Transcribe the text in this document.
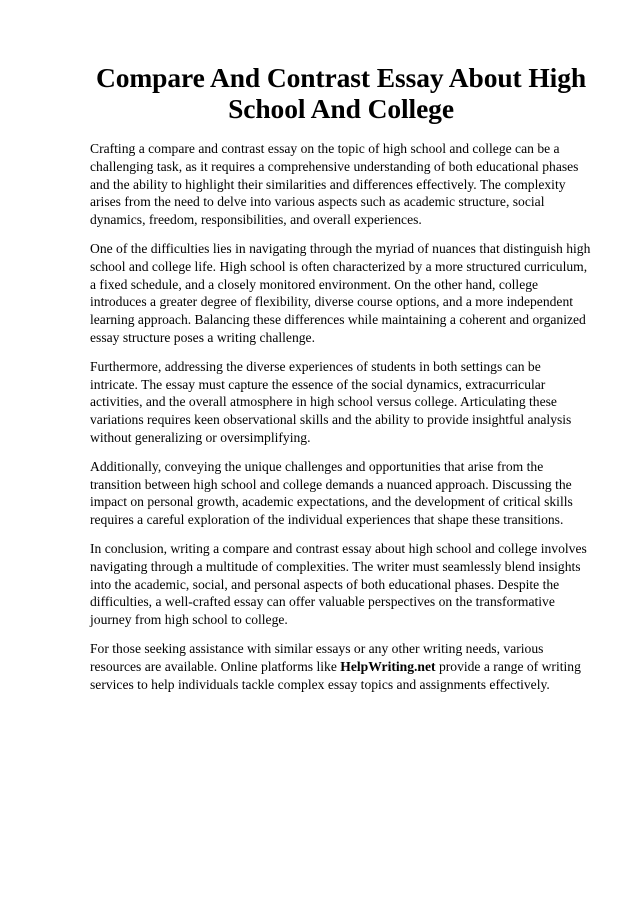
Compare And Contrast Essay About High School And College

Crafting a compare and contrast essay on the topic of high school and college can be a challenging task, as it requires a comprehensive understanding of both educational phases and the ability to highlight their similarities and differences effectively. The complexity arises from the need to delve into various aspects such as academic structure, social dynamics, freedom, responsibilities, and overall experiences.

One of the difficulties lies in navigating through the myriad of nuances that distinguish high school and college life. High school is often characterized by a more structured curriculum, a fixed schedule, and a closely monitored environment. On the other hand, college introduces a greater degree of flexibility, diverse course options, and a more independent learning approach. Balancing these differences while maintaining a coherent and organized essay structure poses a writing challenge.

Furthermore, addressing the diverse experiences of students in both settings can be intricate. The essay must capture the essence of the social dynamics, extracurricular activities, and the overall atmosphere in high school versus college. Articulating these variations requires keen observational skills and the ability to provide insightful analysis without generalizing or oversimplifying.

Additionally, conveying the unique challenges and opportunities that arise from the transition between high school and college demands a nuanced approach. Discussing the impact on personal growth, academic expectations, and the development of critical skills requires a careful exploration of the individual experiences that shape these transitions.

In conclusion, writing a compare and contrast essay about high school and college involves navigating through a multitude of complexities. The writer must seamlessly blend insights into the academic, social, and personal aspects of both educational phases. Despite the difficulties, a well-crafted essay can offer valuable perspectives on the transformative journey from high school to college.

For those seeking assistance with similar essays or any other writing needs, various resources are available. Online platforms like HelpWriting.net provide a range of writing services to help individuals tackle complex essay topics and assignments effectively.
